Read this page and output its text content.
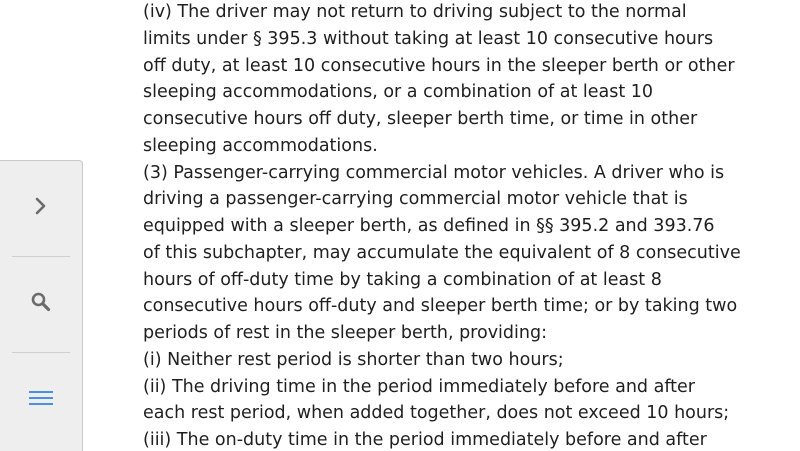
(iv) The driver may not return to driving subject to the normal

limits under § 395.3 without taking at least 10 consecutive hours

off duty, at least 10 consecutive hours in the sleeper berth or other

sleeping accommodations, or a combination of at least 10

consecutive hours off duty, sleeper berth time, or time in other

sleeping accommodations.

(3) Passenger-carrying commercial motor vehicles. A driver who is

driving a passenger-carrying commercial motor vehicle that is

equipped with a sleeper berth, as defined in §§ 395.2 and 393.76

of this subchapter, may accumulate the equivalent of 8 consecutive

hours of off-duty time by taking a combination of at least 8

consecutive hours off-duty and sleeper berth time; or by taking two

periods of rest in the sleeper berth, providing:

(i) Neither rest period is shorter than two hours;

(ii) The driving time in the period immediately before and after

each rest period, when added together, does not exceed 10 hours;

(iii) The on-duty time in the period immediately before and after
